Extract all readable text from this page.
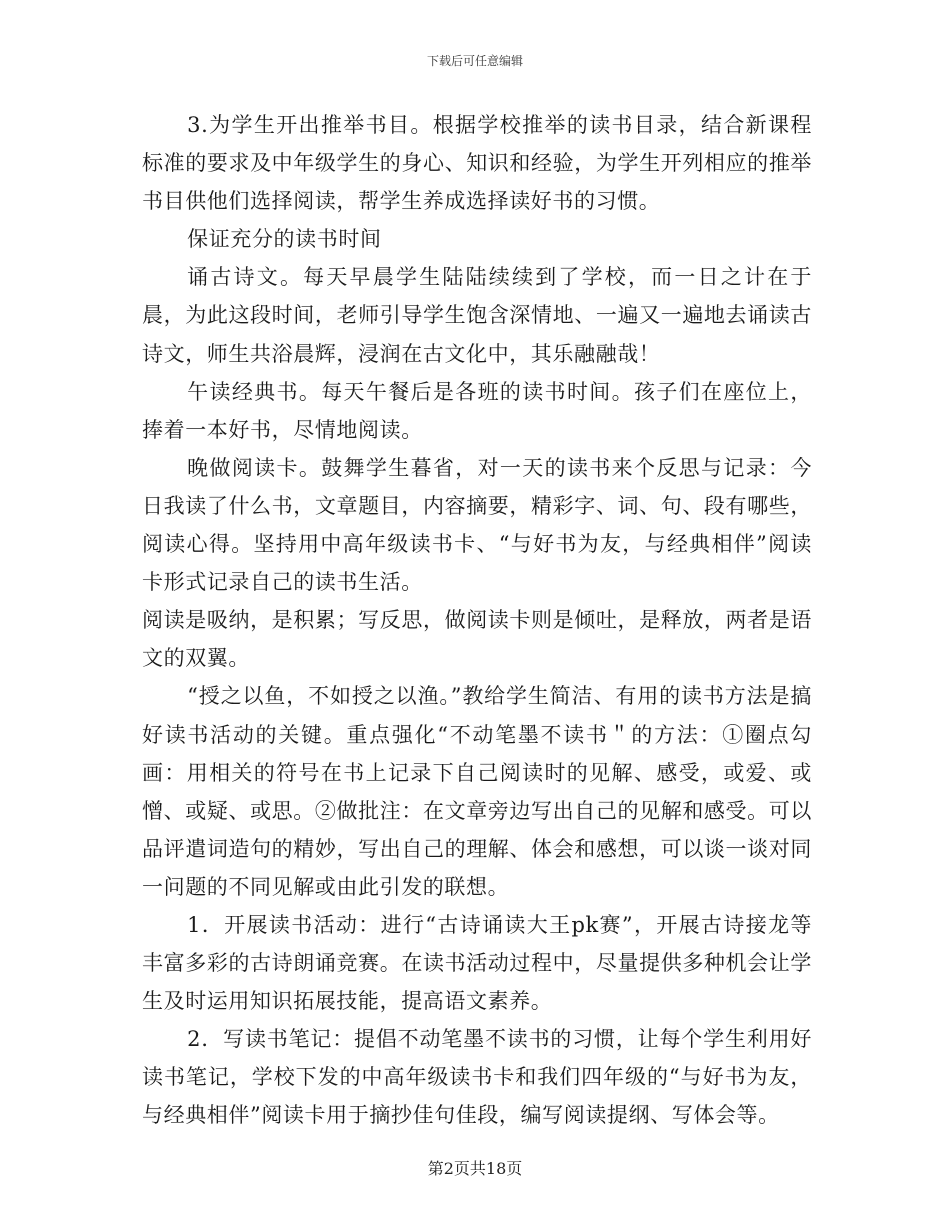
下载后可任意编辑

3.为学生开出推举书目。根据学校推举的读书目录，结合新课程标准的要求及中年级学生的身心、知识和经验，为学生开列相应的推举书目供他们选择阅读，帮学生养成选择读好书的习惯。

保证充分的读书时间

诵古诗文。每天早晨学生陆陆续续到了学校，而一日之计在于晨，为此这段时间，老师引导学生饱含深情地、一遍又一遍地去诵读古诗文，师生共浴晨辉，浸润在古文化中，其乐融融哉！

午读经典书。每天午餐后是各班的读书时间。孩子们在座位上，捧着一本好书，尽情地阅读。

晚做阅读卡。鼓舞学生暮省，对一天的读书来个反思与记录：今日我读了什么书，文章题目，内容摘要，精彩字、词、句、段有哪些，阅读心得。坚持用中高年级读书卡、“与好书为友，与经典相伴”阅读卡形式记录自己的读书生活。

阅读是吸纳，是积累；写反思，做阅读卡则是倾吐，是释放，两者是语文的双翼。

“授之以鱼，不如授之以渔。”教给学生简洁、有用的读书方法是搞好读书活动的关键。重点强化“不动笔墨不读书＂的方法：①圈点勾画：用相关的符号在书上记录下自己阅读时的见解、感受，或爱、或憎、或疑、或思。②做批注：在文章旁边写出自己的见解和感受。可以品评遣词造句的精妙，写出自己的理解、体会和感想，可以谈一谈对同一问题的不同见解或由此引发的联想。

1．开展读书活动：进行“古诗诵读大王pk赛”，开展古诗接龙等丰富多彩的古诗朗诵竞赛。在读书活动过程中，尽量提供多种机会让学生及时运用知识拓展技能，提高语文素养。

2．写读书笔记：提倡不动笔墨不读书的习惯，让每个学生利用好读书笔记，学校下发的中高年级读书卡和我们四年级的“与好书为友，与经典相伴”阅读卡用于摘抄佳句佳段，编写阅读提纲、写体会等。

第2页共18页
